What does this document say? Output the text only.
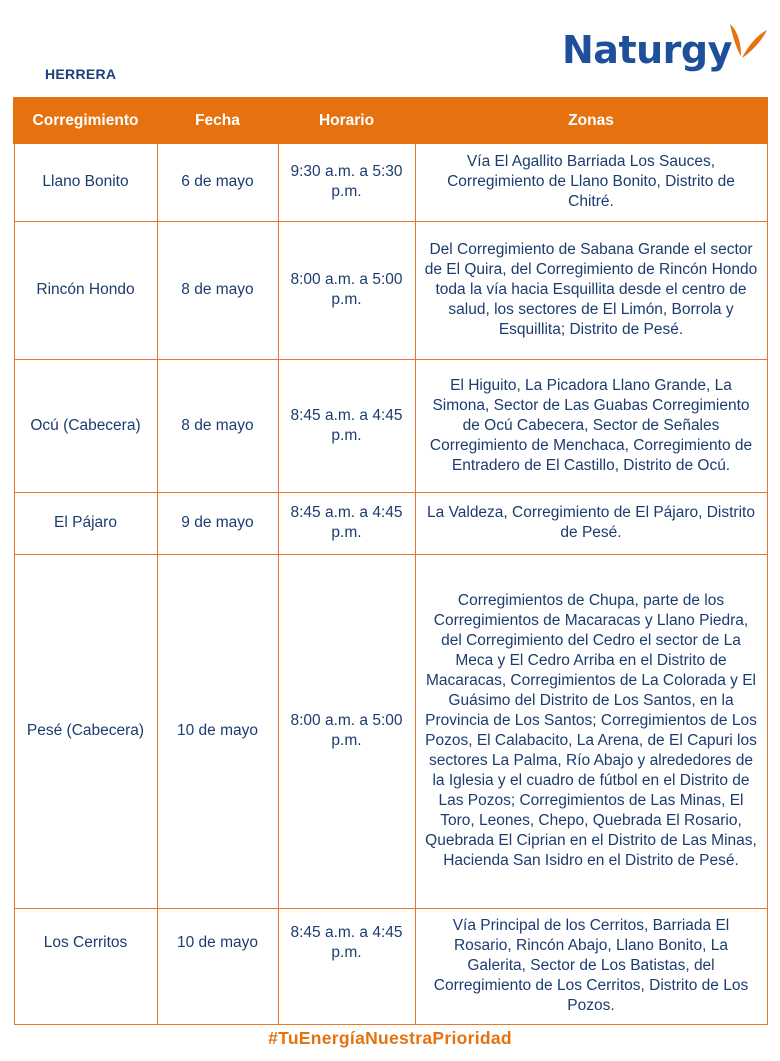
Naturgy
HERRERA
Corregimiento	Fecha	Horario	Zonas
Llano Bonito	6 de mayo	9:30 a.m. a 5:30 p.m.	Vía El Agallito Barriada Los Sauces, Corregimiento de Llano Bonito, Distrito de Chitré.
Rincón Hondo	8 de mayo	8:00 a.m. a 5:00 p.m.	Del Corregimiento de Sabana Grande el sector de El Quira, del Corregimiento de Rincón Hondo toda la vía hacia Esquillita desde el centro de salud, los sectores de El Limón, Borrola y Esquillita; Distrito de Pesé.
Ocú (Cabecera)	8 de mayo	8:45 a.m. a 4:45 p.m.	El Higuito, La Picadora Llano Grande, La Simona, Sector de Las Guabas Corregimiento de Ocú Cabecera, Sector de Señales Corregimiento de Menchaca, Corregimiento de Entradero de El Castillo, Distrito de Ocú.
El Pájaro	9 de mayo	8:45 a.m. a 4:45 p.m.	La Valdeza, Corregimiento de El Pájaro, Distrito de Pesé.
Pesé (Cabecera)	10 de mayo	8:00 a.m. a 5:00 p.m.	Corregimientos de Chupa, parte de los Corregimientos de Macaracas y Llano Piedra, del Corregimiento del Cedro el sector de La Meca y El Cedro Arriba en el Distrito de Macaracas, Corregimientos de La Colorada y El Guásimo del Distrito de Los Santos, en la Provincia de Los Santos; Corregimientos de Los Pozos, El Calabacito, La Arena, de El Capuri los sectores La Palma, Río Abajo y alrededores de la Iglesia y el cuadro de fútbol en el Distrito de Las Pozos; Corregimientos de Las Minas, El Toro, Leones, Chepo, Quebrada El Rosario, Quebrada El Ciprian en el Distrito de Las Minas, Hacienda San Isidro en el Distrito de Pesé.
Los Cerritos	10 de mayo	8:45 a.m. a 4:45 p.m.	Vía Principal de los Cerritos, Barriada El Rosario, Rincón Abajo, Llano Bonito, La Galerita, Sector de Los Batistas, del Corregimiento de Los Cerritos, Distrito de Los Pozos.
#TuEnergíaNuestraPrioridad
